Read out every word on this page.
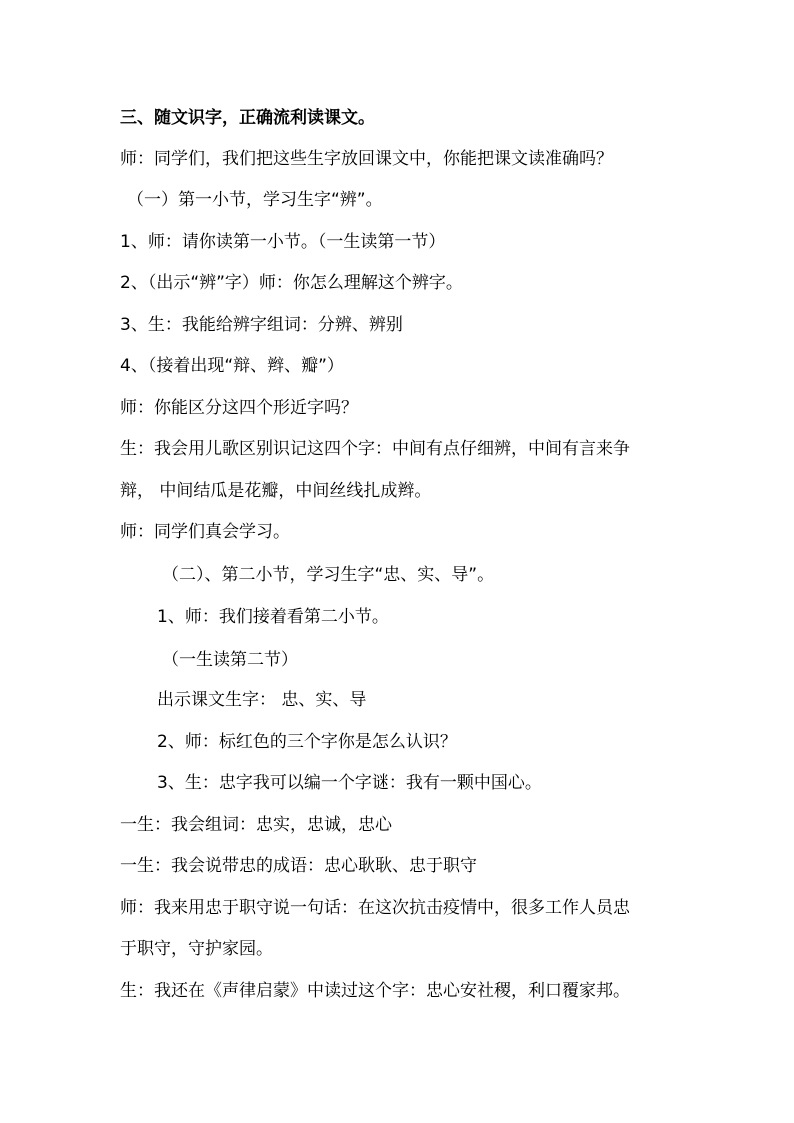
三、随文识字，正确流利读课文。
师：同学们，我们把这些生字放回课文中，你能把课文读准确吗？
（一）第一小节，学习生字“辨”。
1、师：请你读第一小节。（一生读第一节）
2、（出示“辨”字）师：你怎么理解这个辨字。
3、生：我能给辨字组词：分辨、辨别
4、（接着出现“辩、辫、瓣”）
师：你能区分这四个形近字吗？
生：我会用儿歌区别识记这四个字：中间有点仔细辨，中间有言来争
辩， 中间结瓜是花瓣，中间丝线扎成辫。
师：同学们真会学习。
（二）、第二小节，学习生字“忠、实、导”。
1、师：我们接着看第二小节。
（一生读第二节）
出示课文生字： 忠、实、导
2、师：标红色的三个字你是怎么认识？
3、生：忠字我可以编一个字谜：我有一颗中国心。
一生：我会组词：忠实，忠诚，忠心
一生：我会说带忠的成语：忠心耿耿、忠于职守
师：我来用忠于职守说一句话：在这次抗击疫情中，很多工作人员忠
于职守，守护家园。
生：我还在《声律启蒙》中读过这个字：忠心安社稷，利口覆家邦。
